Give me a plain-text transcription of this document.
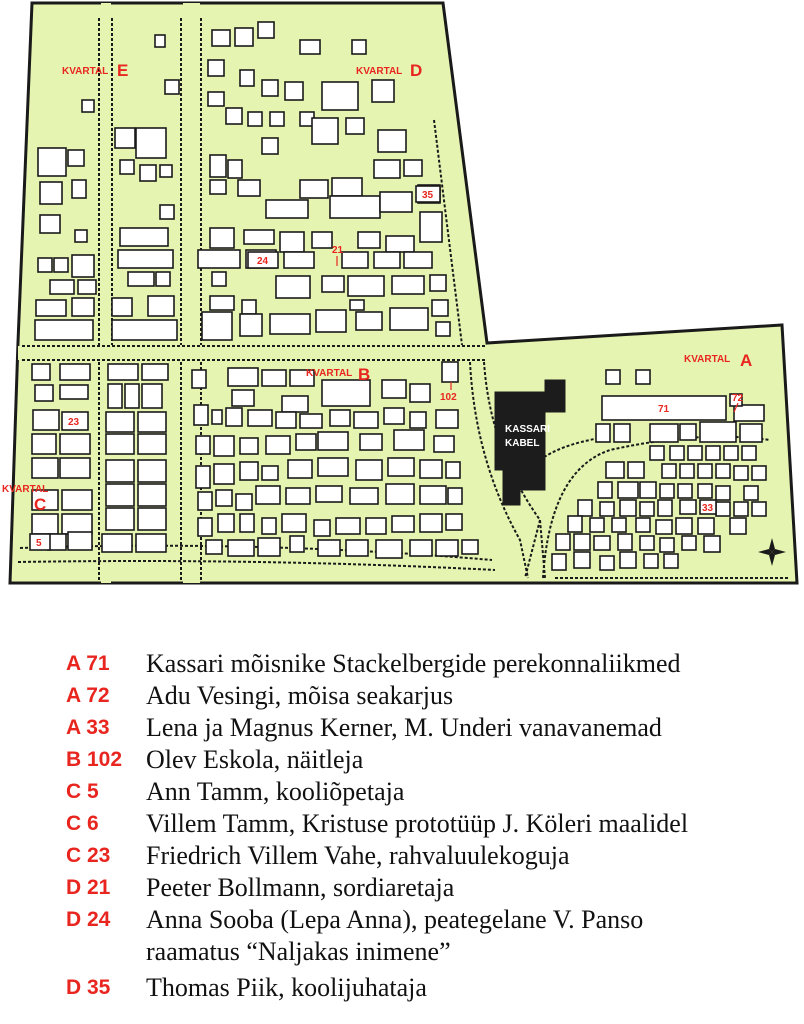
KASSARI
KABEL
KVARTAL E	KVARTAL D
KVARTAL B
KVARTAL A
KVARTAL
C
35
21
24
102
23
5
71
72
33
A 71	Kassari mõisnike Stackelbergide perekonnaliikmed
A 72	Adu Vesingi, mõisa seakarjus
A 33	Lena ja Magnus Kerner, M. Underi vanavanemad
B 102 Olev Eskola, näitleja
C 5	Ann Tamm, kooliõpetaja
C 6	Villem Tamm, Kristuse prototüüp J. Köleri maalidel
C 23	Friedrich Villem Vahe, rahvaluulekoguja
D 21	Peeter Bollmann, sordiaretaja
D 24	Anna Sooba (Lepa Anna), peategelane V. Panso
raamatus “Naljakas inimene”
D 35	Thomas Piik, koolijuhataja
